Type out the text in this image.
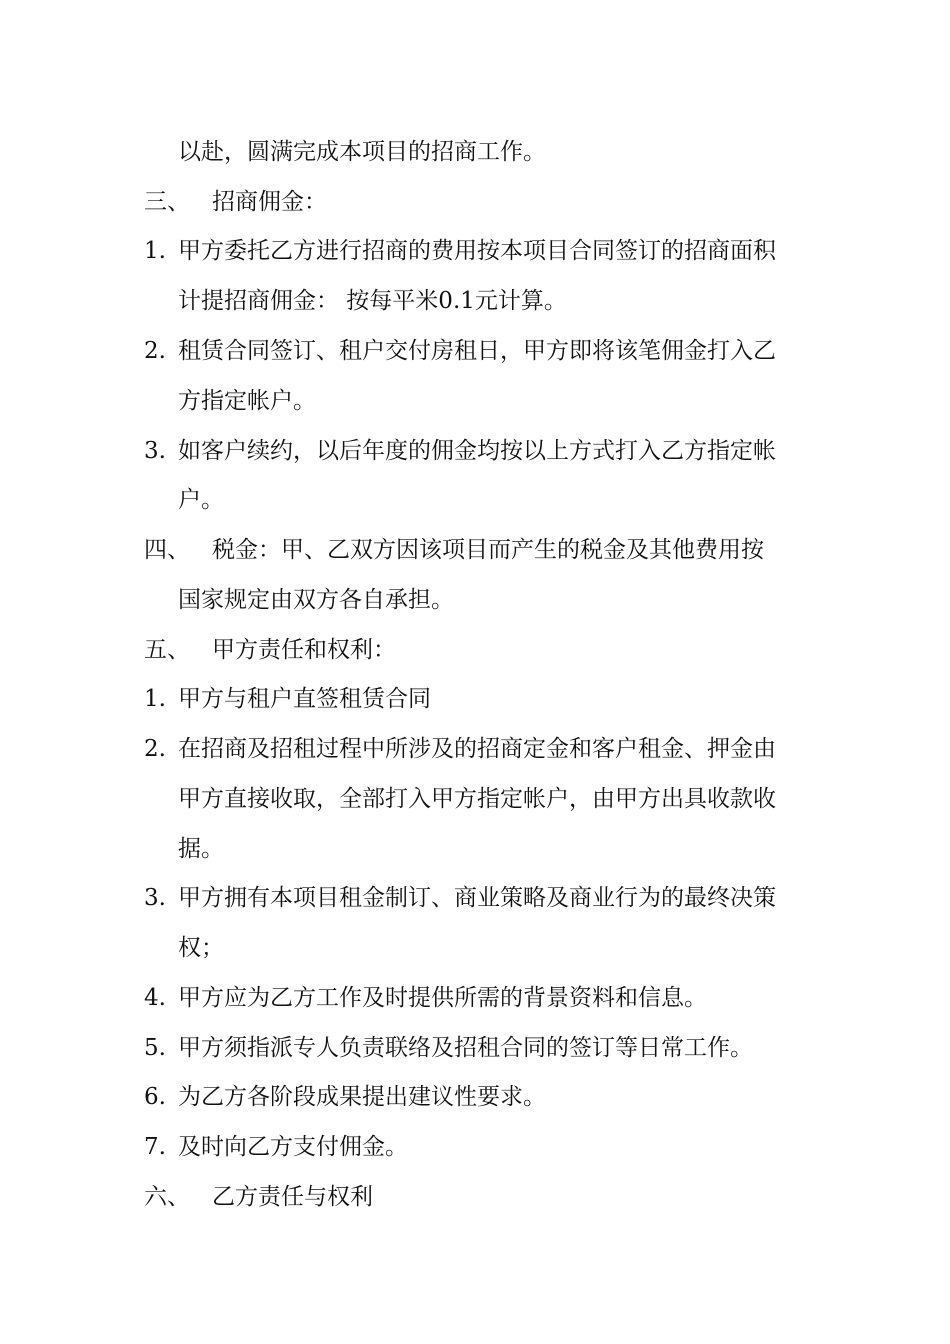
以赴，圆满完成本项目的招商工作。
三、 招商佣金：
1. 甲方委托乙方进行招商的费用按本项目合同签订的招商面积
计提招商佣金： 按每平米0.1元计算。
2. 租赁合同签订、租户交付房租日，甲方即将该笔佣金打入乙
方指定帐户。
3. 如客户续约，以后年度的佣金均按以上方式打入乙方指定帐
户。
四、 税金：甲、乙双方因该项目而产生的税金及其他费用按
国家规定由双方各自承担。
五、 甲方责任和权利：
1. 甲方与租户直签租赁合同
2. 在招商及招租过程中所涉及的招商定金和客户租金、押金由
甲方直接收取，全部打入甲方指定帐户，由甲方出具收款收
据。
3. 甲方拥有本项目租金制订、商业策略及商业行为的最终决策
权；
4. 甲方应为乙方工作及时提供所需的背景资料和信息。
5. 甲方须指派专人负责联络及招租合同的签订等日常工作。
6. 为乙方各阶段成果提出建议性要求。
7. 及时向乙方支付佣金。
六、 乙方责任与权利
